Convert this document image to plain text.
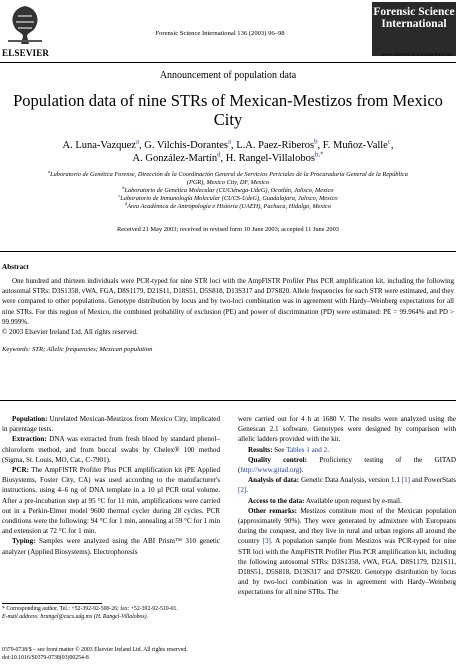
ELSEVIER
Forensic Science International 136 (2003) 96–98
Forensic Science International
www.elsevier.com/locate/forsciint
Announcement of population data
Population data of nine STRs of Mexican-Mestizos from Mexico City
A. Luna-Vazquez$^a$, G. Vilchis-Dorantes$^a$, L.A. Paez-Riberos$^b$, F. Muñoz-Valle$^c$,
A. González-Martín$^d$, H. Rangel-Villalobos$^{b,*}$
$^a$Laboratorio de Genética Forense, Dirección de la Coordinación General de Servicios Periciales de la Procuraduría General de la República (PGR), Mexico City, DF, Mexico
$^b$Laboratorio de Genética Molecular (CUCiénega-UdeG), Ocotlán, Jalisco, Mexico
$^c$Laboratorio de Inmunología Molecular (CUCS-UdeG), Guadalajara, Jalisco, Mexico
$^d$Área Académica de Antropología e Historia (UAEH), Pachuca, Hidalgo, Mexico
Received 21 May 2003; received in revised form 10 June 2003; accepted 11 June 2003
Abstract

One hundred and thirteen individuals were PCR-typed for nine STR loci with the AmpFlSTR Profiler Plus PCR amplification kit, including the following autosomal STRs: D3S1358, vWA, FGA, D8S1179, D21S11, D18S51, D5S818, D13S317 and D7S820. Allele frequencies for each STR were estimated, and they were compared to other populations. Genotype distribution by locus and by two-loci combination was in agreement with Hardy–Weinberg expectations for all nine STRs. For this region of Mexico, the combined probability of exclusion (PE) and power of discrimination (PD) were estimated: PE = 99.964% and PD > 99.999%.

© 2003 Elsevier Ireland Ltd. All rights reserved.
Keywords: STR; Allelic frequencies; Mexican population

Population: Unrelated Mexican-Mestizos from Mexico City, implicated in parentage tests.

Extraction: DNA was extracted from fresh blood by standard phenol–chloroform method, and from buccal swabs by Chelex® 100 method (Sigma, St. Louis, MO, Cat., C-7901).

PCR: The AmpFlSTR Profiler Plus PCR amplification kit (PE Applied Biosystems, Foster City, CA) was used according to the manufacturer's instructions, using 4–6 ng of DNA template in a 10 μl PCR total volume. After a pre-incubation step at 95 °C for 11 min, amplifications were carried out in a Perkin-Elmer model 9600 thermal cycler during 28 cycles. PCR conditions were the following: 94 °C for 1 min, annealing at 59 °C for 1 min and extension at 72 °C for 1 min.

Typing: Samples were analyzed using the ABI Prism™ 310 genetic analyzer (Applied Biosystems). Electrophoresis

were carried out for 4 h at 1680 V. The results were analyzed using the Genescan 2.1 software. Genotypes were designed by comparison with allelic ladders provided with the kit.

Results: See Tables 1 and 2.

Quality control: Proficiency testing of the GITAD (http://www.gitad.org).

Analysis of data: Genetic Data Analysis, version 1.1 [1] and PowerStats [2].

Access to the data: Available upon request by e-mail.

Other remarks: Mestizos constitute most of the Mexican population (approximately 90%). They were generated by admixture with Europeans during the conquest, and they live in rural and urban regions all around the country [3]. A population sample from Mestizos was PCR-typed for nine STR loci with the AmpFlSTR Profiler Plus PCR amplification kit, including the following autosomal STRs: D3S1358, vWA, FGA, D8S1179, D21S11, D18S51, D5S818, D13S317 and D7S820. Genotype distribution by locus and by two-loci combination was in agreement with Hardy–Weinberg expectations for all nine STRs. The

* Corresponding author. Tel.: +52-392-92-500-26; fax: +52-392-92-510-01.
E-mail address: hrangel@cucs.udg.mx (H. Rangel-Villalobos).
0379-0738/$ – see front matter © 2003 Elsevier Ireland Ltd. All rights reserved.
doi:10.1016/S0379-0738(03)00254-8
